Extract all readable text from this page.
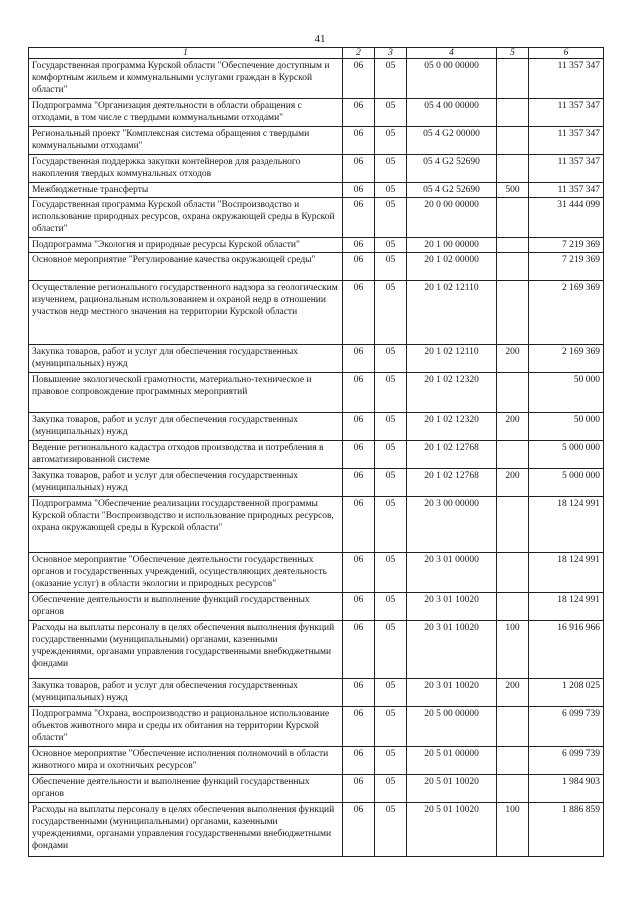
41
1	2	3	4	5	6
Государственная программа Курской области "Обеспечение доступным и комфортным жильем и коммунальными услугами граждан в Курской области"	06	05	05 0 00 00000		11 357 347
Подпрограмма "Организация деятельности в области обращения с отходами, в том числе с твердыми коммунальными отходами"	06	05	05 4 00 00000		11 357 347
Региональный проект "Комплексная система обращения с твердыми коммунальными отходами"	06	05	05 4 G2 00000		11 357 347
Государственная поддержка закупки контейнеров для раздельного накопления твердых коммунальных отходов	06	05	05 4 G2 52690		11 357 347
Межбюджетные трансферты	06	05	05 4 G2 52690	500	11 357 347
Государственная программа Курской области "Воспроизводство и использование природных ресурсов, охрана окружающей среды в Курской области"	06	05	20 0 00 00000		31 444 099
Подпрограмма "Экология и природные ресурсы Курской области"	06	05	20 1 00 00000		7 219 369
Основное мероприятие "Регулирование качества окружающей среды"	06	05	20 1 02 00000		7 219 369
Осуществление регионального государственного надзора за геологическим изучением, рациональным использованием и охраной недр в отношении участков недр местного значения на территории Курской области	06	05	20 1 02 12110		2 169 369
Закупка товаров, работ и услуг для обеспечения государственных (муниципальных) нужд	06	05	20 1 02 12110	200	2 169 369
Повышение экологической грамотности, материально-техническое и правовое сопровождение программных мероприятий	06	05	20 1 02 12320		50 000
Закупка товаров, работ и услуг для обеспечения государственных (муниципальных) нужд	06	05	20 1 02 12320	200	50 000
Ведение регионального кадастра отходов производства и потребления в автоматизированной системе	06	05	20 1 02 12768		5 000 000
Закупка товаров, работ и услуг для обеспечения государственных (муниципальных) нужд	06	05	20 1 02 12768	200	5 000 000
Подпрограмма "Обеспечение реализации государственной программы Курской области "Воспроизводство и использование природных ресурсов, охрана окружающей среды в Курской области"	06	05	20 3 00 00000		18 124 991
Основное мероприятие "Обеспечение деятельности государственных органов и государственных учреждений, осуществляющих деятельность (оказание услуг) в области экологии и природных ресурсов"	06	05	20 3 01 00000		18 124 991
Обеспечение деятельности и выполнение функций государственных органов	06	05	20 3 01 10020		18 124 991
Расходы на выплаты персоналу в целях обеспечения выполнения функций государственными (муниципальными) органами, казенными учреждениями, органами управления государственными внебюджетными фондами	06	05	20 3 01 10020	100	16 916 966
Закупка товаров, работ и услуг для обеспечения государственных (муниципальных) нужд	06	05	20 3 01 10020	200	1 208 025
Подпрограмма "Охрана, воспроизводство и рациональное использование объектов животного мира и среды их обитания на территории Курской области"	06	05	20 5 00 00000		6 099 739
Основное мероприятие "Обеспечение исполнения полномочий в области животного мира и охотничьих ресурсов"	06	05	20 5 01 00000		6 099 739
Обеспечение деятельности и выполнение функций государственных органов	06	05	20 5 01 10020		1 984 903
Расходы на выплаты персоналу в целях обеспечения выполнения функций государственными (муниципальными) органами, казенными учреждениями, органами управления государственными внебюджетными фондами	06	05	20 5 01 10020	100	1 886 859
